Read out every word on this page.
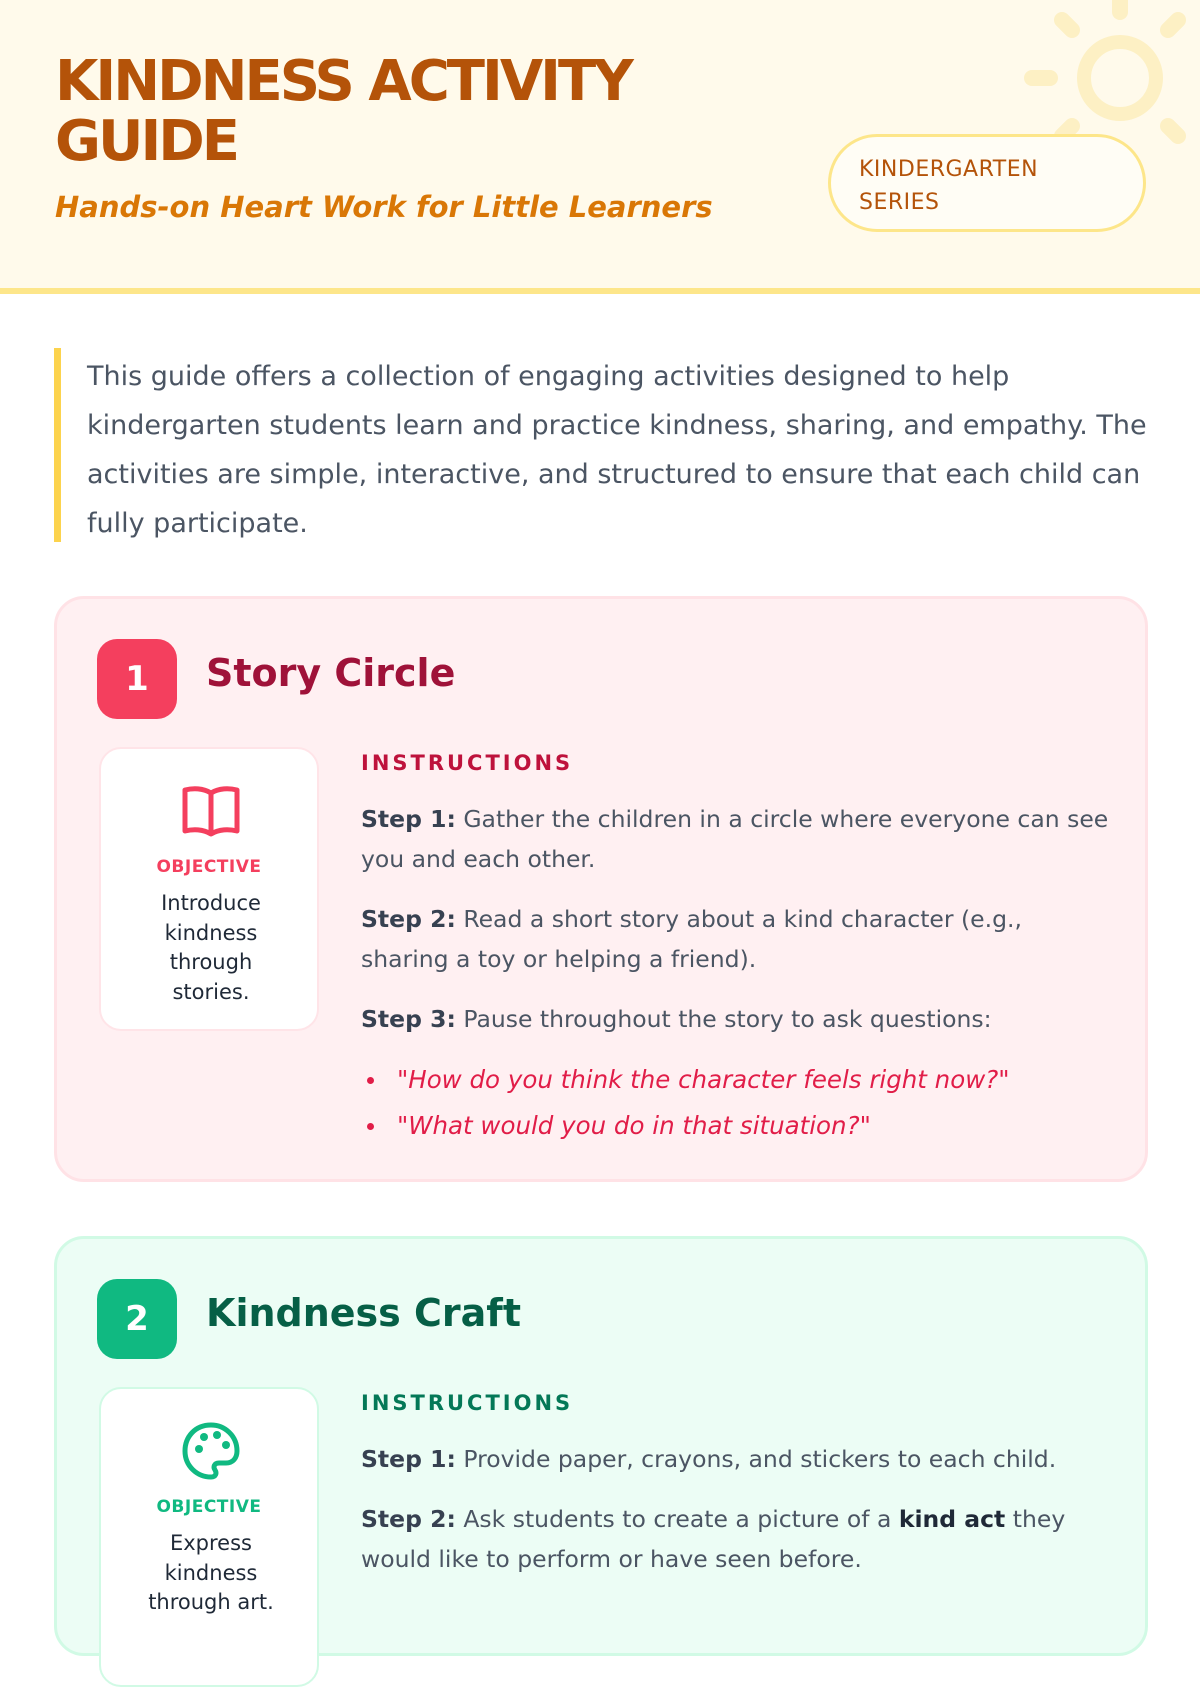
KINDNESS ACTIVITY GUIDE
Hands-on Heart Work for Little Learners
KINDERGARTEN
SERIES

This guide offers a collection of engaging activities designed to help kindergarten students learn and practice kindness, sharing, and empathy. The activities are simple, interactive, and structured to ensure that each child can fully participate.

1	Story Circle
OBJECTIVE
Introduce kindness through stories.
INSTRUCTIONS

Step 1: Gather the children in a circle where everyone can see you and each other.

Step 2: Read a short story about a kind character (e.g., sharing a toy or helping a friend).

Step 3: Pause throughout the story to ask questions:

"How do you think the character feels right now?"
"What would you do in that situation?"
2	Kindness Craft
OBJECTIVE
Express kindness through art.
INSTRUCTIONS

Step 1: Provide paper, crayons, and stickers to each child.

Step 2: Ask students to create a picture of a kind act they would like to perform or have seen before.
